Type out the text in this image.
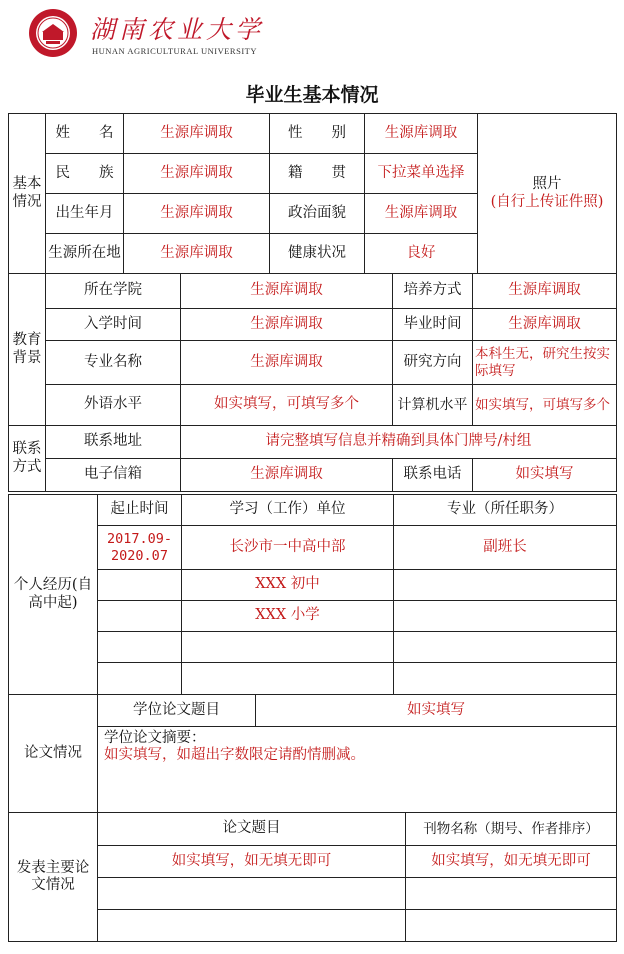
湖南农业大学
HUNAN AGRICULTURAL UNIVERSITY
毕业生基本情况
基本情况	姓　　名	生源库调取	性　　别	生源库调取	照片
(自行上传证件照)

	民　　族	生源库调取	籍　　贯	下拉菜单选择	
	出生年月	生源库调取	政治面貌	生源库调取	
	生源所在地	生源库调取	健康状况	良好	
教育背景	所在学院	生源库调取	培养方式	生源库调取
	入学时间	生源库调取	毕业时间	生源库调取
	专业名称	生源库调取	研究方向	本科生无，研究生按实际填写
	外语水平	如实填写，可填写多个	计算机水平	如实填写，可填写多个
联系方式	联系地址	请完整填写信息并精确到具体门牌号/村组		
	电子信箱	生源库调取	联系电话	如实填写
个人经历(自高中起)	起止时间	学习（工作）单位	专业（所任职务）
	2017.09-2020.07	长沙市一中高中部	副班长
		XXX 初中	
		XXX 小学	

论文情况	学位论文题目	如实填写

学位论文摘要：
如实填写，如超出字数限定请酌情删减。
发表主要论文情况	论文题目	刊物名称（期号、作者排序）
	如实填写，如无填无即可	如实填写，如无填无即可
